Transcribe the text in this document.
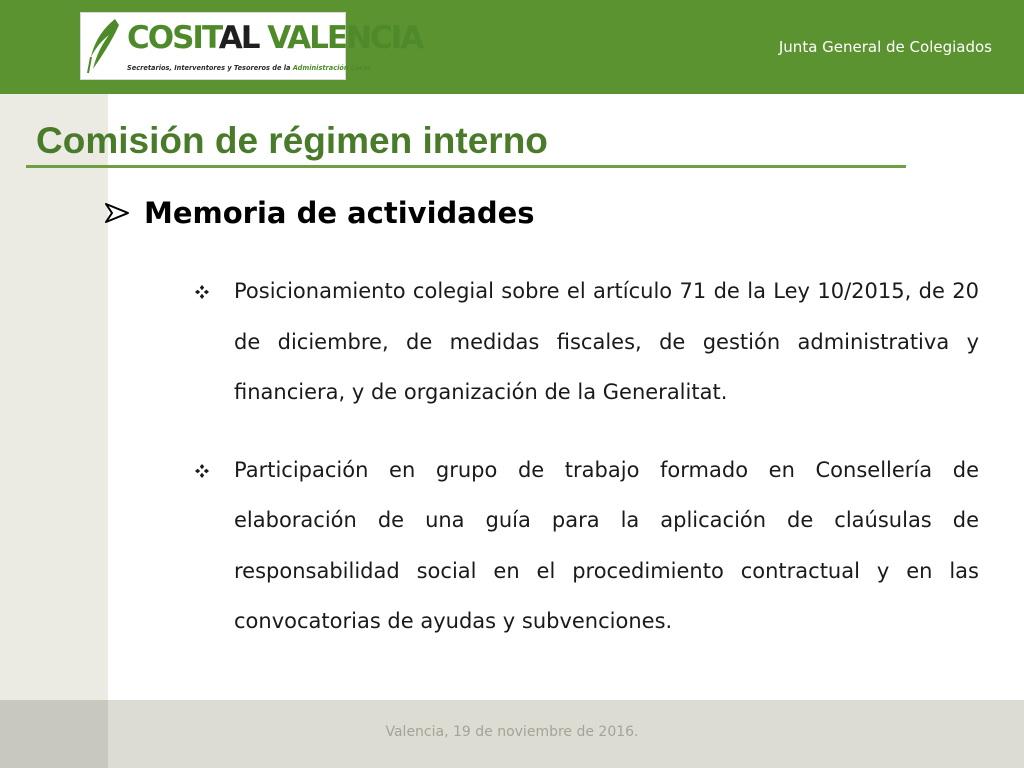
COSITAL VALENCIA
Secretarios, Interventores y Tesoreros de la Administración Local
Junta General de Colegiados
Valencia, 19 de noviembre de 2016.
Comisión de régimen interno
Memoria de actividades
Posicionamiento colegial sobre el artículo 71 de la Ley 10/2015, de 20 de diciembre, de medidas fiscales, de gestión administrativa y financiera, y de organización de la Generalitat.
Participación en grupo de trabajo formado en Consellería de elaboración de una guía para la aplicación de claúsulas de responsabilidad social en el procedimiento contractual y en las convocatorias de ayudas y subvenciones.
